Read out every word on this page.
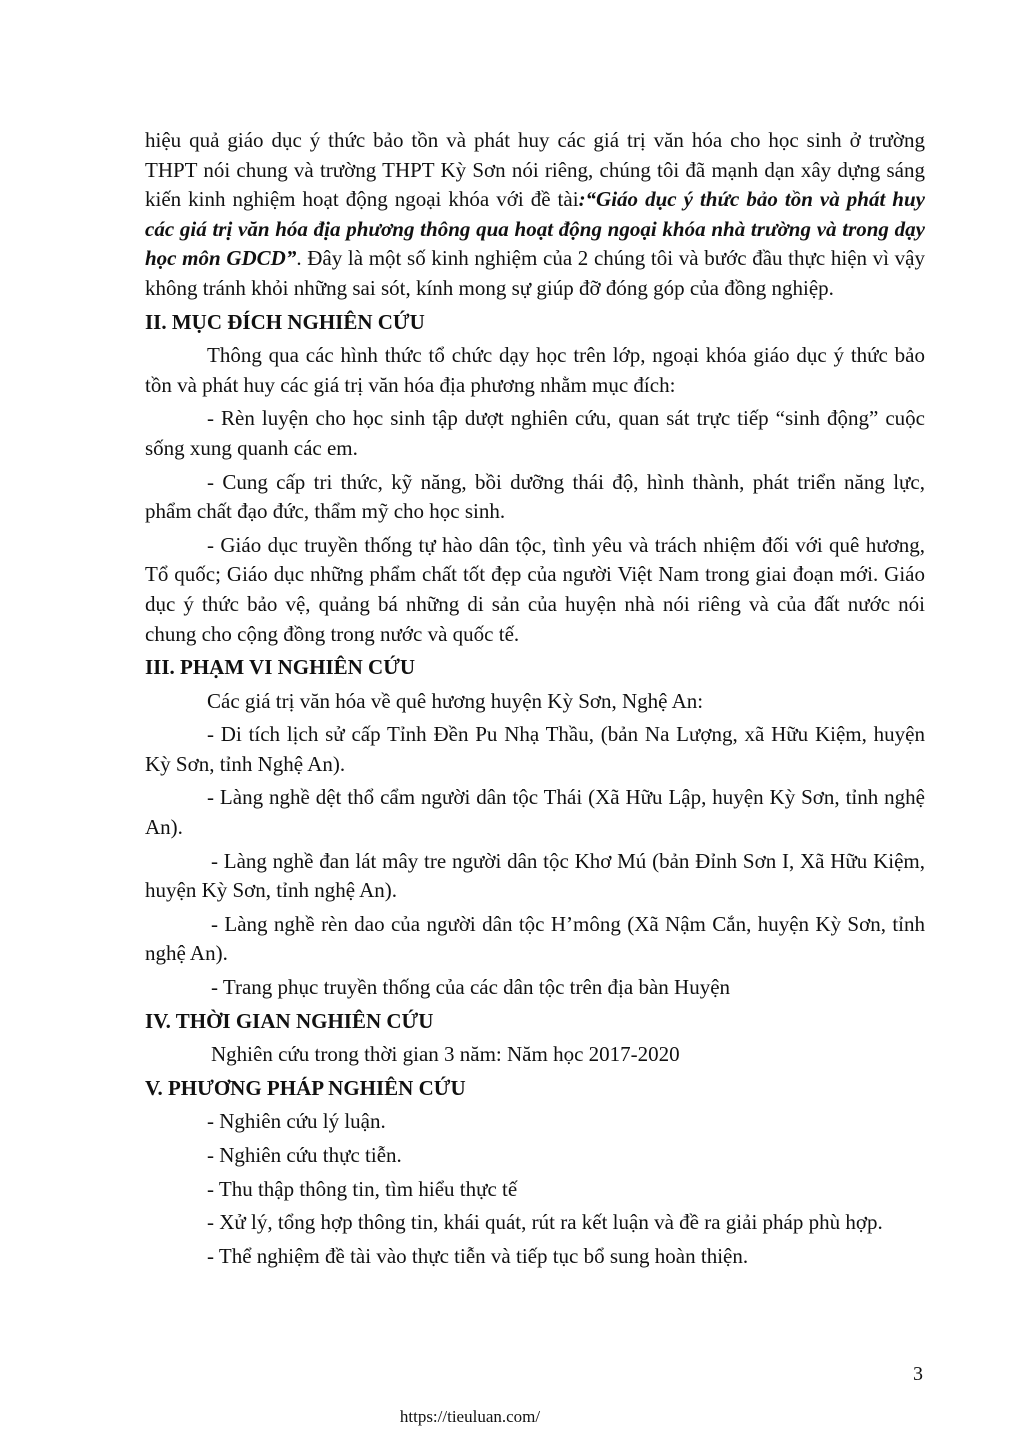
hiệu quả giáo dục ý thức bảo tồn và phát huy các giá trị văn hóa cho học sinh ở trường THPT nói chung và trường THPT Kỳ Sơn nói riêng, chúng tôi đã mạnh dạn xây dựng sáng kiến kinh nghiệm hoạt động ngoại khóa với đề tài:“Giáo dục ý thức bảo tồn và phát huy các giá trị văn hóa địa phương thông qua hoạt động ngoại khóa nhà trường và trong dạy học môn GDCD”. Đây là một số kinh nghiệm của 2 chúng tôi và bước đầu thực hiện vì vậy không tránh khỏi những sai sót, kính mong sự giúp đỡ đóng góp của đồng nghiệp.

II. MỤC ĐÍCH NGHIÊN CỨU

Thông qua các hình thức tổ chức dạy học trên lớp, ngoại khóa giáo dục ý thức bảo tồn và phát huy các giá trị văn hóa địa phương nhằm mục đích:

- Rèn luyện cho học sinh tập dượt nghiên cứu, quan sát trực tiếp “sinh động” cuộc sống xung quanh các em.

- Cung cấp tri thức, kỹ năng, bồi dưỡng thái độ, hình thành, phát triển năng lực, phẩm chất đạo đức, thẩm mỹ cho học sinh.

- Giáo dục truyền thống tự hào dân tộc, tình yêu và trách nhiệm đối với quê hương, Tổ quốc; Giáo dục những phẩm chất tốt đẹp của người Việt Nam trong giai đoạn mới. Giáo dục ý thức bảo vệ, quảng bá những di sản của huyện nhà nói riêng và của đất nước nói chung cho cộng đồng trong nước và quốc tế.

III. PHẠM VI NGHIÊN CỨU

Các giá trị văn hóa về quê hương huyện Kỳ Sơn, Nghệ An:

- Di tích lịch sử cấp Tỉnh Đền Pu Nhạ Thầu, (bản Na Lượng, xã Hữu Kiệm, huyện Kỳ Sơn, tỉnh Nghệ An).

- Làng nghề dệt thổ cẩm người dân tộc Thái (Xã Hữu Lập, huyện Kỳ Sơn, tỉnh nghệ An).

- Làng nghề đan lát mây tre người dân tộc Khơ Mú (bản Đỉnh Sơn I, Xã Hữu Kiệm, huyện Kỳ Sơn, tỉnh nghệ An).

- Làng nghề rèn dao của người dân tộc H’mông (Xã Nậm Cắn, huyện Kỳ Sơn, tỉnh nghệ An).

- Trang phục truyền thống của các dân tộc trên địa bàn Huyện

IV. THỜI GIAN NGHIÊN CỨU

Nghiên cứu trong thời gian 3 năm: Năm học 2017-2020

V. PHƯƠNG PHÁP NGHIÊN CỨU

- Nghiên cứu lý luận.

- Nghiên cứu thực tiễn.

- Thu thập thông tin, tìm hiểu thực tế

- Xử lý, tổng hợp thông tin, khái quát, rút ra kết luận và đề ra giải pháp phù hợp.

- Thể nghiệm đề tài vào thực tiễn và tiếp tục bổ sung hoàn thiện.

3
https://tieuluan.com/
